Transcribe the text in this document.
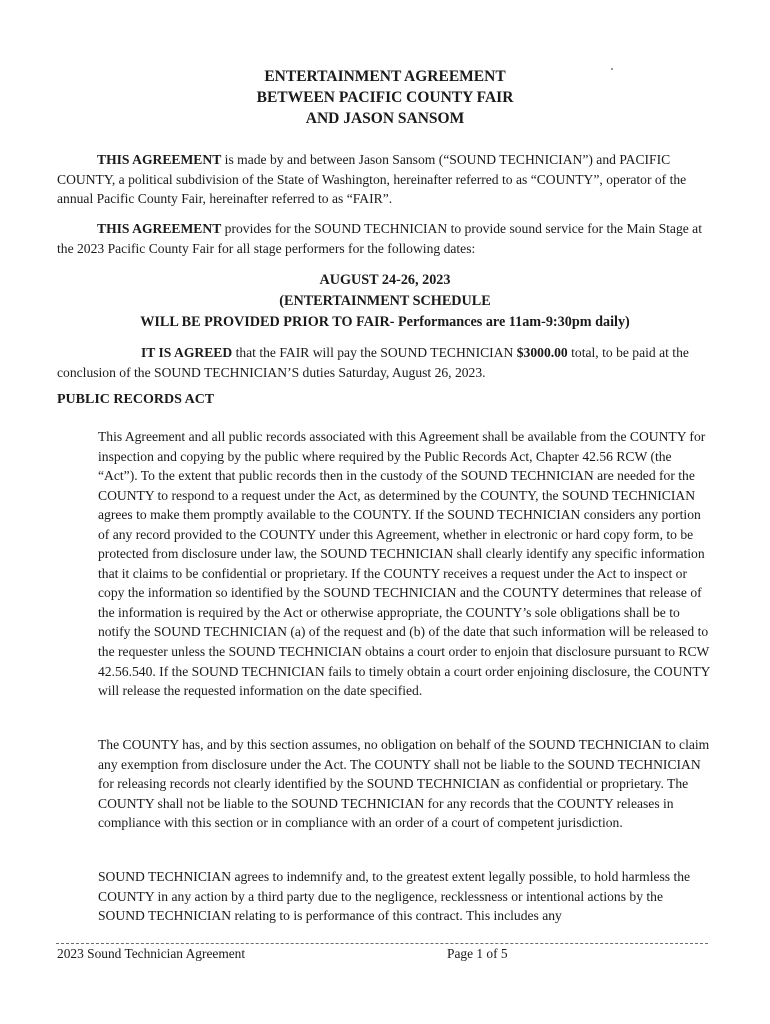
ENTERTAINMENT AGREEMENT
BETWEEN PACIFIC COUNTY FAIR
AND JASON SANSOM

THIS AGREEMENT is made by and between Jason Sansom (“SOUND TECHNICIAN”) and PACIFIC COUNTY, a political subdivision of the State of Washington, hereinafter referred to as “COUNTY”, operator of the annual Pacific County Fair, hereinafter referred to as “FAIR”.

THIS AGREEMENT provides for the SOUND TECHNICIAN to provide sound service for the Main Stage at the 2023 Pacific County Fair for all stage performers for the following dates:

AUGUST 24-26, 2023
(ENTERTAINMENT SCHEDULE
WILL BE PROVIDED PRIOR TO FAIR- Performances are 11am-9:30pm daily)

IT IS AGREED that the FAIR will pay the SOUND TECHNICIAN $3000.00 total, to be paid at the conclusion of the SOUND TECHNICIAN’S duties Saturday, August 26, 2023.

PUBLIC RECORDS ACT

This Agreement and all public records associated with this Agreement shall be available from the COUNTY for inspection and copying by the public where required by the Public Records Act, Chapter 42.56 RCW (the “Act”). To the extent that public records then in the custody of the SOUND TECHNICIAN are needed for the COUNTY to respond to a request under the Act, as determined by the COUNTY, the SOUND TECHNICIAN agrees to make them promptly available to the COUNTY. If the SOUND TECHNICIAN considers any portion of any record provided to the COUNTY under this Agreement, whether in electronic or hard copy form, to be protected from disclosure under law, the SOUND TECHNICIAN shall clearly identify any specific information that it claims to be confidential or proprietary. If the COUNTY receives a request under the Act to inspect or copy the information so identified by the SOUND TECHNICIAN and the COUNTY determines that release of the information is required by the Act or otherwise appropriate, the COUNTY’s sole obligations shall be to notify the SOUND TECHNICIAN (a) of the request and (b) of the date that such information will be released to the requester unless the SOUND TECHNICIAN obtains a court order to enjoin that disclosure pursuant to RCW 42.56.540. If the SOUND TECHNICIAN fails to timely obtain a court order enjoining disclosure, the COUNTY will release the requested information on the date specified.

The COUNTY has, and by this section assumes, no obligation on behalf of the SOUND TECHNICIAN to claim any exemption from disclosure under the Act. The COUNTY shall not be liable to the SOUND TECHNICIAN for releasing records not clearly identified by the SOUND TECHNICIAN as confidential or proprietary. The COUNTY shall not be liable to the SOUND TECHNICIAN for any records that the COUNTY releases in compliance with this section or in compliance with an order of a court of competent jurisdiction.

SOUND TECHNICIAN agrees to indemnify and, to the greatest extent legally possible, to hold harmless the COUNTY in any action by a third party due to the negligence, recklessness or intentional actions by the SOUND TECHNICIAN relating to is performance of this contract. This includes any

2023 Sound Technician Agreement	Page 1 of 5
